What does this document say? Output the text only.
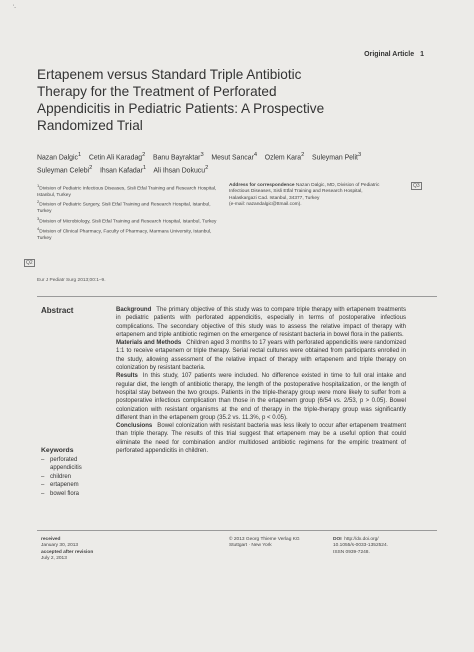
'-
Original Article 1
Ertapenem versus Standard Triple Antibiotic
Therapy for the Treatment of Perforated
Appendicitis in Pediatric Patients: A Prospective
Randomized Trial
Nazan Dalgic$^1$ Cetin Ali Karadag$^2$ Banu Bayraktar$^3$ Mesut Sancar$^4$ Ozlem Kara$^2$ Suleyman Pelit$^3$
Suleyman Celebi$^2$ Ihsan Kafadar$^1$ Ali Ihsan Dokucu$^2$
$^1$Division of Pediatric Infectious Diseases, Sisli Etfal Training and Research Hospital, Istanbul, Turkey
$^2$Division of Pediatric Surgery, Sisli Etfal Training and Research Hospital, Istanbul, Turkey
$^3$Division of Microbiology, Sisli Etfal Training and Research Hospital, Istanbul, Turkey
$^4$Division of Clinical Pharmacy, Faculty of Pharmacy, Marmara University, Istanbul, Turkey
Address for correspondence Nazan Dalgic, MD, Division of Pediatric
Infectious Diseases, Sisli Etfal Training and Research Hospital,
Halaskargazi Cad. Istanbul, 34377, Turkey
(e-mail: nazandalgic@ttmail.com).
Q2
Q3
Eur J Pediatr Surg 2013;00:1–9.
Abstract	Background The primary objective of this study was to compare triple therapy with ertapenem treatments in pediatric patients with perforated appendicitis, especially in terms of postoperative infectious complications. The secondary objective of this study was to assess the relative impact of therapy with ertapenem and triple antibiotic regimen on the emergence of resistant bacteria in bowel flora in the patients.

Materials and Methods Children aged 3 months to 17 years with perforated appendicitis were randomized 1:1 to receive ertapenem or triple therapy. Serial rectal cultures were obtained from participants enrolled in the study, allowing assessment of the relative impact of therapy with ertapenem and triple therapy on colonization by resistant bacteria.

Results In this study, 107 patients were included. No difference existed in time to full oral intake and regular diet, the length of antibiotic therapy, the length of the postoperative hospitalization, or the length of hospital stay between the two groups. Patients in the triple-therapy group were more likely to suffer from a postoperative infectious complication than those in the ertapenem group (6/54 vs. 2/53, p > 0.05). Bowel colonization with resistant organisms at the end of therapy in the triple-therapy group was significantly different than in the ertapenem group (35.2 vs. 11.3%, p < 0.05).

Conclusions Bowel colonization with resistant bacteria was less likely to occur after ertapenem treatment than triple therapy. The results of this trial suggest that ertapenem may be a useful option that could eliminate the need for combination and/or multidosed antibiotic regimens for the empiric treatment of perforated appendicitis in children.

Keywords
– perforated appendicitis
– children
– ertapenem
– bowel flora
received
January 30, 2013
accepted after revision
July 2, 2013
© 2013 Georg Thieme Verlag KG
Stuttgart · New York
DOI http://dx.doi.org/
10.1055/s-0033-1352524.
ISSN 0939-7248.
